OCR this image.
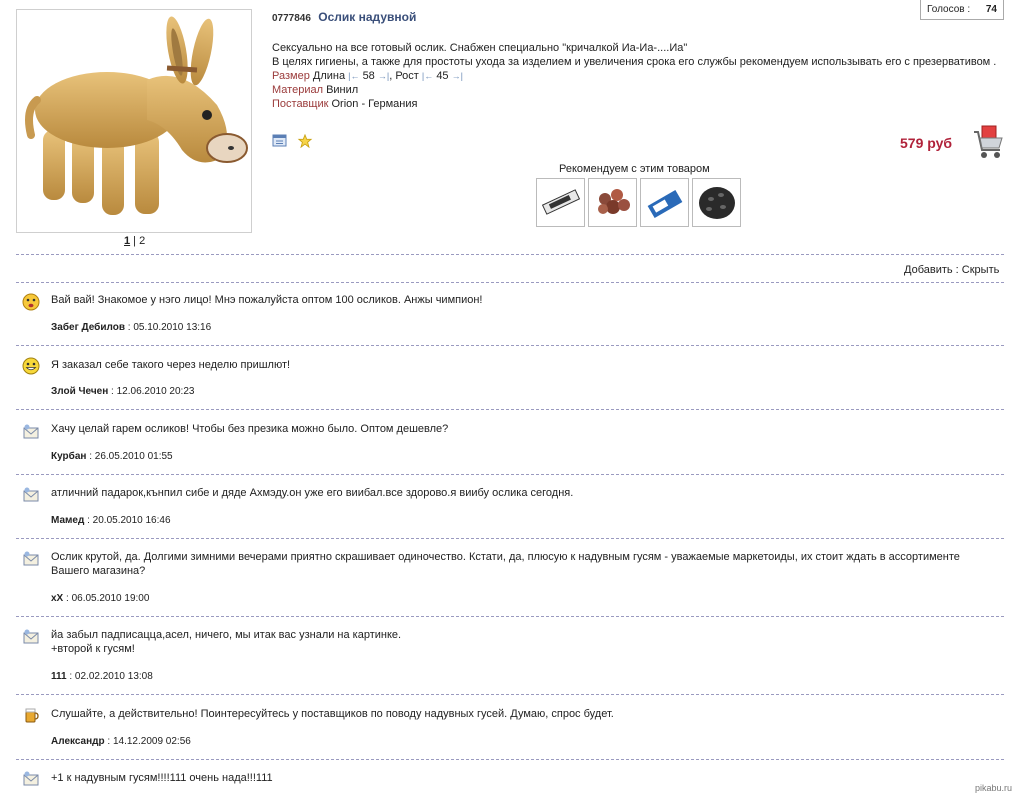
1 | 2
Голосов : 74
0777846 Ослик надувной
Сексуально на все готовый ослик. Снабжен специально "кричалкой Иа-Иа-....Иа"
В целях гигиены, а также для простоты ухода за изделием и увеличения срока его службы рекомендуем использывать его с презервативом .
Размер Длина |← 58 →|, Рост |← 45 →|
Материал Винил
Поставщик Orion - Германия

579 руб
Рекомендуем с этим товаром
Добавить : Скрыть
Вай вай! Знакомое у нэго лицо! Мнэ пожалуйста оптом 100 осликов. Анжы чимпион!
Забег Дебилов : 05.10.2010 13:16
Я заказал себе такого через неделю пришлют!
Злой Чечен : 12.06.2010 20:23
Хачу целай гарем осликов! Чтобы без презика можно было. Оптом дешевле?
Курбан : 26.05.2010 01:55
атличний падарок,кънпил сибе и дяде Ахмэду.он уже его виибал.все здорово.я виибу ослика сегодня.
Мамед : 20.05.2010 16:46
Ослик крутой, да. Долгими зимними вечерами приятно скрашивает одиночество. Кстати, да, плюсую к надувным гусям - уважаемые маркетоиды, их стоит ждать в ассортименте Вашего магазина?
xX : 06.05.2010 19:00
йа забыл падписацца,асел, ничего, мы итак вас узнали на картинке.
+второй к гусям!
111 : 02.02.2010 13:08
Слушайте, а действительно! Поинтересуйтесь у поставщиков по поводу надувных гусей. Думаю, спрос будет.
Александр : 14.12.2009 02:56
+1 к надувным гусям!!!!111 очень нада!!!111
pikabu.ru
